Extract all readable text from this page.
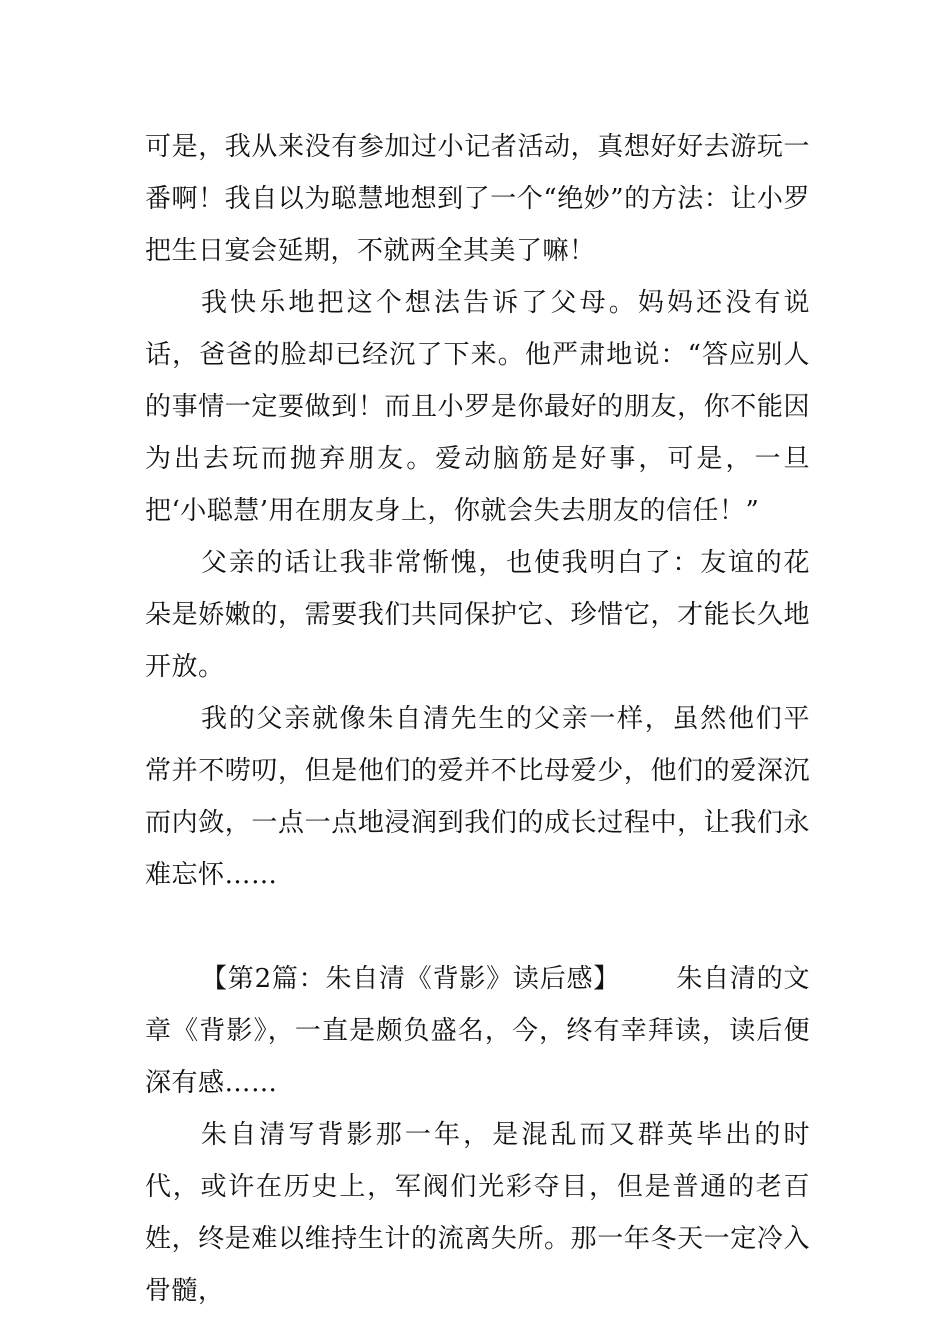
可是，我从来没有参加过小记者活动，真想好好去游玩一番啊！我自以为聪慧地想到了一个“绝妙”的方法：让小罗把生日宴会延期，不就两全其美了嘛！

我快乐地把这个想法告诉了父母。妈妈还没有说话，爸爸的脸却已经沉了下来。他严肃地说：“答应别人的事情一定要做到！而且小罗是你最好的朋友，你不能因为出去玩而抛弃朋友。爱动脑筋是好事，可是，一旦把‘小聪慧’用在朋友身上，你就会失去朋友的信任！”

父亲的话让我非常惭愧，也使我明白了：友谊的花朵是娇嫩的，需要我们共同保护它、珍惜它，才能长久地开放。

我的父亲就像朱自清先生的父亲一样，虽然他们平常并不唠叨，但是他们的爱并不比母爱少，他们的爱深沉而内敛，一点一点地浸润到我们的成长过程中，让我们永难忘怀……

【第2篇：朱自清《背影》读后感】 朱自清的文章《背影》，一直是颇负盛名，今，终有幸拜读，读后便深有感……

朱自清写背影那一年，是混乱而又群英毕出的时代，或许在历史上，军阀们光彩夺目，但是普通的老百姓，终是难以维持生计的流离失所。那一年冬天一定冷入骨髓，
